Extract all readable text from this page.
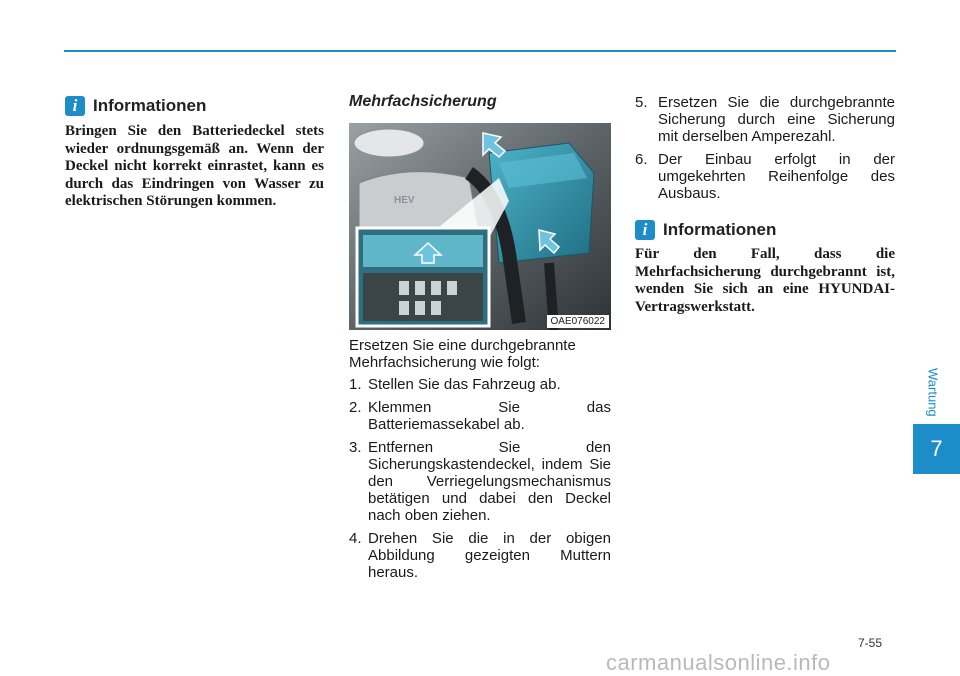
i Informationen
Bringen Sie den Batteriedeckel stets wieder ordnungsgemäß an. Wenn der Deckel nicht korrekt einrastet, kann es durch das Eindringen von Wasser zu elektrischen Störungen kommen.
Mehrfachsicherung
HEV
OAE076022
Ersetzen Sie eine durchgebrannte Mehrfachsicherung wie folgt:
1. Stellen Sie das Fahrzeug ab.
2. Klemmen Sie das Batteriemassekabel ab.
3. Entfernen Sie den Sicherungskastendeckel, indem Sie den Verriegelungsmechanismus betätigen und dabei den Deckel nach oben ziehen.
4. Drehen Sie die in der obigen Abbildung gezeigten Muttern heraus.
5. Ersetzen Sie die durchgebrannte Sicherung durch eine Sicherung mit derselben Amperezahl.
6. Der Einbau erfolgt in der umgekehrten Reihenfolge des Ausbaus.
i Informationen
Für den Fall, dass die Mehrfachsicherung durchgebrannt ist, wenden Sie sich an eine HYUNDAI-Vertragswerkstatt.
Wartung
7
7-55
carmanualsonline.info
